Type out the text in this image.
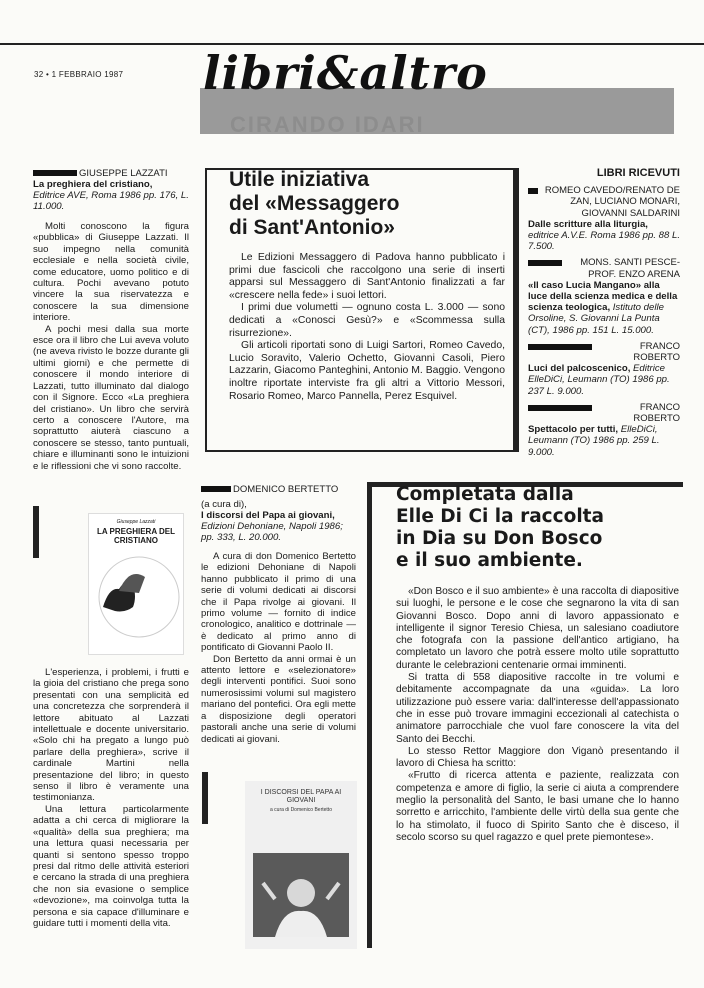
32 • 1 FEBBRAIO 1987
CIRANDO IDARI
libri&altro
GIUSEPPE LAZZATI
La preghiera del cristiano,
Editrice AVE, Roma 1986 pp. 176, L. 11.000.

Molti conoscono la figura «pubblica» di Giuseppe Lazzati. Il suo impegno nella comunità ecclesiale e nella società civile, come educatore, uomo politico e di cultura. Pochi avevano potuto vincere la sua riservatezza e conoscere la sua dimensione interiore.

A pochi mesi dalla sua morte esce ora il libro che Lui aveva voluto (ne aveva rivisto le bozze durante gli ultimi giorni) e che permette di conoscere il mondo interiore di Lazzati, tutto illuminato dal dialogo con il Signore. Ecco «La preghiera del cristiano». Un libro che servirà certo a conoscere l'Autore, ma soprattutto aiuterà ciascuno a conoscere se stesso, tanto puntuali, chiare e illuminanti sono le intuizioni e le riflessioni che vi sono raccolte.

Giuseppe Lazzati
LA PREGHIERA DEL CRISTIANO

L'esperienza, i problemi, i frutti e la gioia del cristiano che prega sono presentati con una semplicità ed una concretezza che sorprenderà il lettore abituato al Lazzati intellettuale e docente universitario. «Solo chi ha pregato a lungo può parlare della preghiera», scrive il cardinale Martini nella presentazione del libro; in questo senso il libro è veramente una testimonianza.

Una lettura particolarmente adatta a chi cerca di migliorare la «qualità» della sua preghiera; ma una lettura quasi necessaria per quanti si sentono spesso troppo presi dal ritmo delle attività esteriori e cercano la strada di una preghiera che non sia evasione o semplice «devozione», ma coinvolga tutta la persona e sia capace d'illuminare e guidare tutti i momenti della vita.

Utile iniziativa
del «Messaggero
di Sant'Antonio»

Le Edizioni Messaggero di Padova hanno pubblicato i primi due fascicoli che raccolgono una serie di inserti apparsi sul Messaggero di Sant'Antonio finalizzati a far «crescere nella fede» i suoi lettori.

I primi due volumetti — ognuno costa L. 3.000 — sono dedicati a «Conosci Gesù?» e «Scommessa sulla risurrezione».

Gli articoli riportati sono di Luigi Sartori, Romeo Cavedo, Lucio Soravito, Valerio Ochetto, Giovanni Casoli, Piero Lazzarin, Giacomo Panteghini, Antonio M. Baggio. Vengono inoltre riportate interviste fra gli altri a Vittorio Messori, Rosario Romeo, Marco Pannella, Perez Esquivel.

LIBRI RICEVUTI
ROMEO CAVEDO/RENATO DE ZAN, LUCIANO MONARI, GIOVANNI SALDARINI
Dalle scritture alla liturgia, editrice A.V.E. Roma 1986 pp. 88 L. 7.500.
MONS. SANTI PESCE-PROF. ENZO ARENA
«Il caso Lucia Mangano» alla luce della scienza medica e della scienza teologica, Istituto delle Orsoline, S. Giovanni La Punta (CT), 1986 pp. 151 L. 15.000.
FRANCO ROBERTO
Luci del palcoscenico, Editrice ElleDiCi, Leumann (TO) 1986 pp. 237 L. 9.000.
FRANCO ROBERTO
Spettacolo per tutti, ElleDiCi, Leumann (TO) 1986 pp. 259 L. 9.000.
DOMENICO BERTETTO
(a cura di),
I discorsi del Papa ai giovani,
Edizioni Dehoniane, Napoli 1986; pp. 333, L. 20.000.

A cura di don Domenico Bertetto le edizioni Dehoniane di Napoli hanno pubblicato il primo di una serie di volumi dedicati ai discorsi che il Papa rivolge ai giovani. Il primo volume — fornito di indice cronologico, analitico e dottrinale — è dedicato al primo anno di pontificato di Giovanni Paolo II.

Don Bertetto da anni ormai è un attento lettore e «selezionatore» degli interventi pontifici. Suoi sono numerosissimi volumi sul magistero mariano del pontefici. Ora egli mette a disposizione degli operatori pastorali anche una serie di volumi dedicati ai giovani.

I DISCORSI DEL PAPA AI GIOVANI
a cura di Domenico Bertetto
Completata dalla
Elle Di Ci la raccolta
in Dia su Don Bosco
e il suo ambiente.

«Don Bosco e il suo ambiente» è una raccolta di diapositive sui luoghi, le persone e le cose che segnarono la vita di san Giovanni Bosco. Dopo anni di lavoro appassionato e intelligente il signor Teresio Chiesa, un salesiano coadiutore che fotografa con la passione dell'antico artigiano, ha completato un lavoro che potrà essere molto utile soprattutto durante le celebrazioni centenarie ormai imminenti.

Si tratta di 558 diapositive raccolte in tre volumi e debitamente accompagnate da una «guida». La loro utilizzazione può essere varia: dall'interesse dell'appassionato che in esse può trovare immagini eccezionali al catechista o animatore parrocchiale che vuol fare conoscere la vita del Santo dei Becchi.

Lo stesso Rettor Maggiore don Viganò presentando il lavoro di Chiesa ha scritto:

«Frutto di ricerca attenta e paziente, realizzata con competenza e amore di figlio, la serie ci aiuta a comprendere meglio la personalità del Santo, le basi umane che lo hanno sorretto e arricchito, l'ambiente delle virtù della sua gente che lo ha stimolato, il fuoco di Spirito Santo che è disceso, il secolo scorso su quel ragazzo e quel prete piemontese».
